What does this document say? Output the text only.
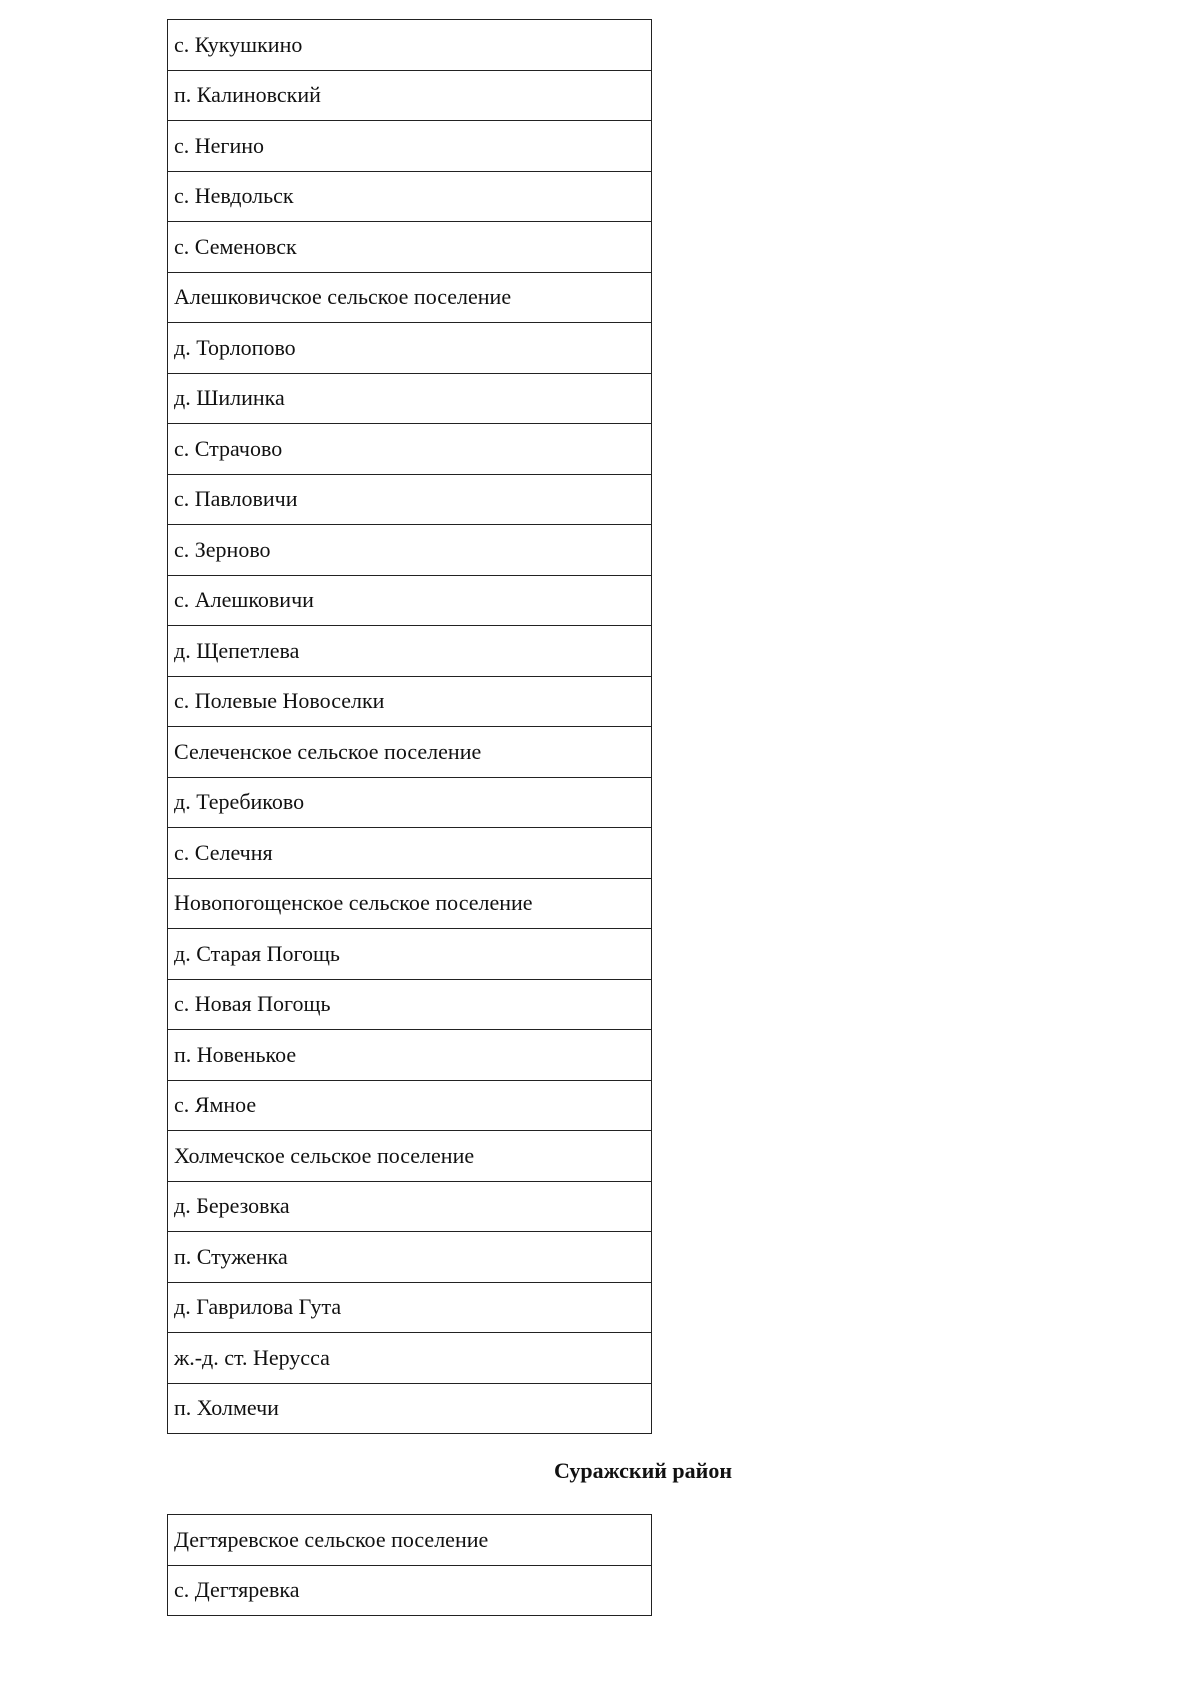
с. Кукушкино
п. Калиновский
с. Негино
с. Невдольск
с. Семеновск
Алешковичское сельское поселение
д. Торлопово
д. Шилинка
с. Страчово
с. Павловичи
с. Зерново
с. Алешковичи
д. Щепетлева
с. Полевые Новоселки
Селеченское сельское поселение
д. Теребиково
с. Селечня
Новопогощенское сельское поселение
д. Старая Погощь
с. Новая Погощь
п. Новенькое
с. Ямное
Холмечское сельское поселение
д. Березовка
п. Стуженка
д. Гаврилова Гута
ж.-д. ст. Нерусса
п. Холмечи
Суражский район
Дегтяревское сельское поселение
с. Дегтяревка
